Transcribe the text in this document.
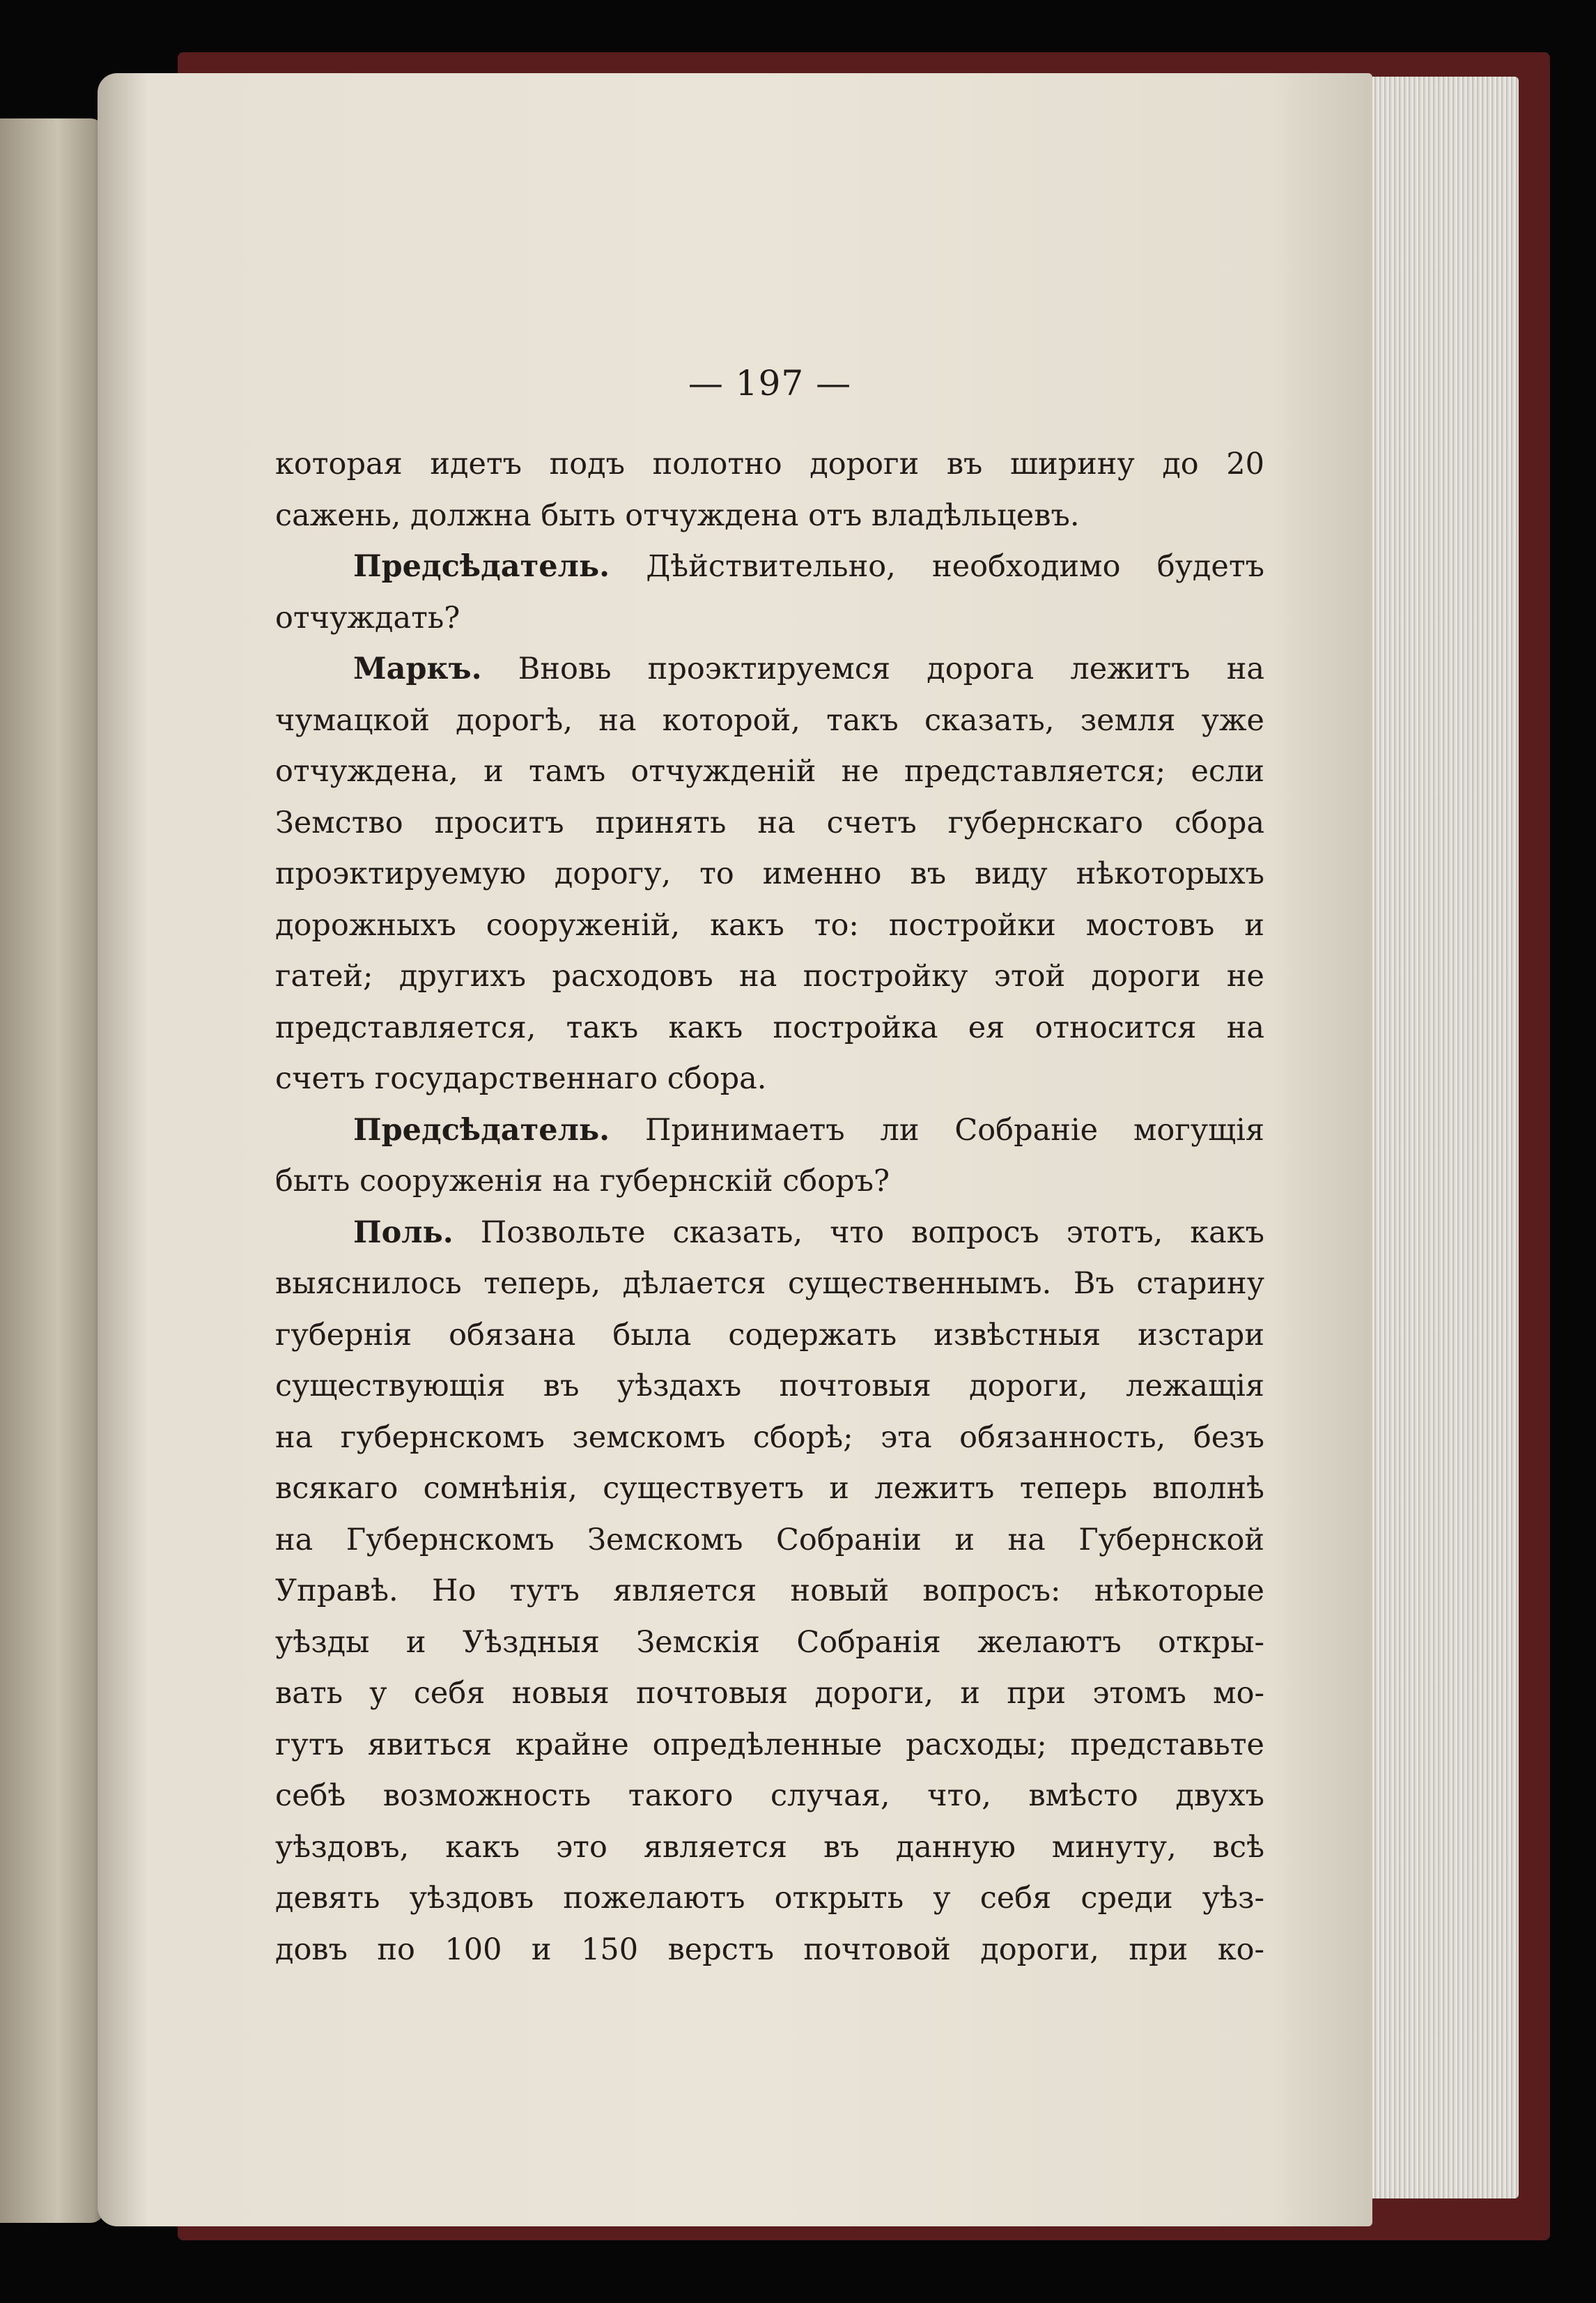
— 197 —
которая идетъ подъ полотно дороги въ ширину до 20
сажень, должна быть отчуждена отъ владѣльцевъ.
Предсѣдатель. Дѣйствительно, необходимо будетъ
отчуждать?
Маркъ. Вновь проэктируемся дорога лежитъ на
чумацкой дорогѣ, на которой, такъ сказать, земля уже
отчуждена, и тамъ отчужденій не представляется; если
Земство проситъ принять на счетъ губернскаго сбора
проэктируемую дорогу, то именно въ виду нѣкоторыхъ
дорожныхъ сооруженій, какъ то: постройки мостовъ и
гатей; другихъ расходовъ на постройку этой дороги не
представляется, такъ какъ постройка ея относится на
счетъ государственнаго сбора.
Предсѣдатель. Принимаетъ ли Собраніе могущія
быть сооруженія на губернскій сборъ?
Поль. Позвольте сказать, что вопросъ этотъ, какъ
выяснилось теперь, дѣлается существеннымъ. Въ старину
губернія обязана была содержать извѣстныя изстари
существующія въ уѣздахъ почтовыя дороги, лежащія
на губернскомъ земскомъ сборѣ; эта обязанность, безъ
всякаго сомнѣнія, существуетъ и лежитъ теперь вполнѣ
на Губернскомъ Земскомъ Собраніи и на Губернской
Управѣ. Но тутъ является новый вопросъ: нѣкоторые
уѣзды и Уѣздныя Земскія Собранія желаютъ откры-
вать у себя новыя почтовыя дороги, и при этомъ мо-
гутъ явиться крайне опредѣленные расходы; представьте
себѣ возможность такого случая, что, вмѣсто двухъ
уѣздовъ, какъ это является въ данную минуту, всѣ
девять уѣздовъ пожелаютъ открыть у себя среди уѣз-
довъ по 100 и 150 верстъ почтовой дороги, при ко-
